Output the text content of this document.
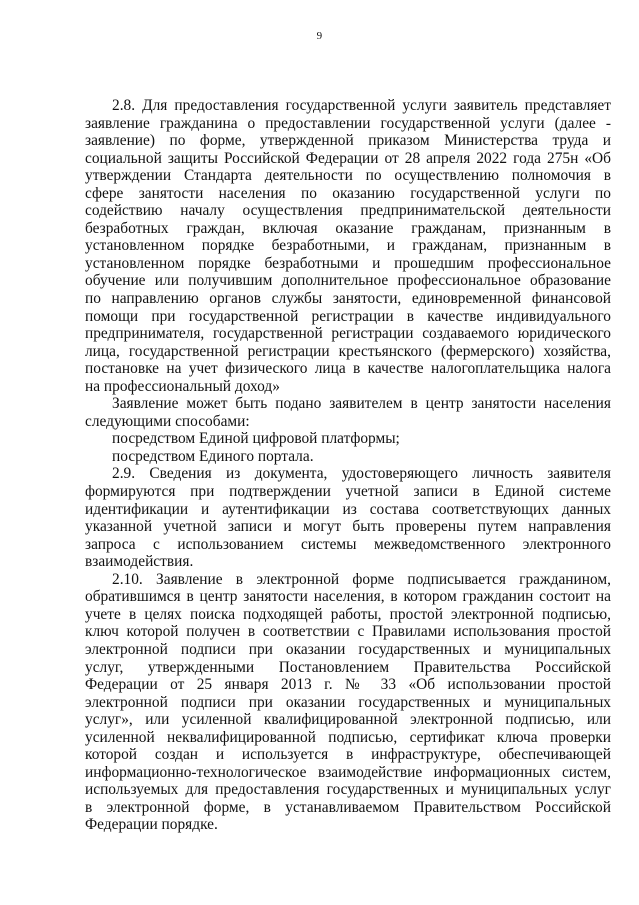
9

2.8. Для предоставления государственной услуги заявитель представляет
заявление гражданина о предоставлении государственной услуги (далее -
заявление) по форме, утвержденной приказом Министерства труда и
социальной защиты Российской Федерации от 28 апреля 2022 года 275н «Об
утверждении Стандарта деятельности по осуществлению полномочия в
сфере занятости населения по оказанию государственной услуги по
содействию началу осуществления предпринимательской деятельности
безработных граждан, включая оказание гражданам, признанным в
установленном порядке безработными, и гражданам, признанным в
установленном порядке безработными и прошедшим профессиональное
обучение или получившим дополнительное профессиональное образование
по направлению органов службы занятости, единовременной финансовой
помощи при государственной регистрации в качестве индивидуального
предпринимателя, государственной регистрации создаваемого юридического
лица, государственной регистрации крестьянского (фермерского) хозяйства,
постановке на учет физического лица в качестве налогоплательщика налога
на профессиональный доход»

Заявление может быть подано заявителем в центр занятости населения
следующими способами:

посредством Единой цифровой платформы;

посредством Единого портала.

2.9. Сведения из документа, удостоверяющего личность заявителя
формируются при подтверждении учетной записи в Единой системе
идентификации и аутентификации из состава соответствующих данных
указанной учетной записи и могут быть проверены путем направления
запроса с использованием системы межведомственного электронного
взаимодействия.

2.10. Заявление в электронной форме подписывается гражданином,
обратившимся в центр занятости населения, в котором гражданин состоит на
учете в целях поиска подходящей работы, простой электронной подписью,
ключ которой получен в соответствии с Правилами использования простой
электронной подписи при оказании государственных и муниципальных
услуг, утвержденными Постановлением Правительства Российской
Федерации от 25 января 2013 г. № 33 «Об использовании простой
электронной подписи при оказании государственных и муниципальных
услуг», или усиленной квалифицированной электронной подписью, или
усиленной неквалифицированной подписью, сертификат ключа проверки
которой создан и используется в инфраструктуре, обеспечивающей
информационно-технологическое взаимодействие информационных систем,
используемых для предоставления государственных и муниципальных услуг
в электронной форме, в устанавливаемом Правительством Российской
Федерации порядке.
